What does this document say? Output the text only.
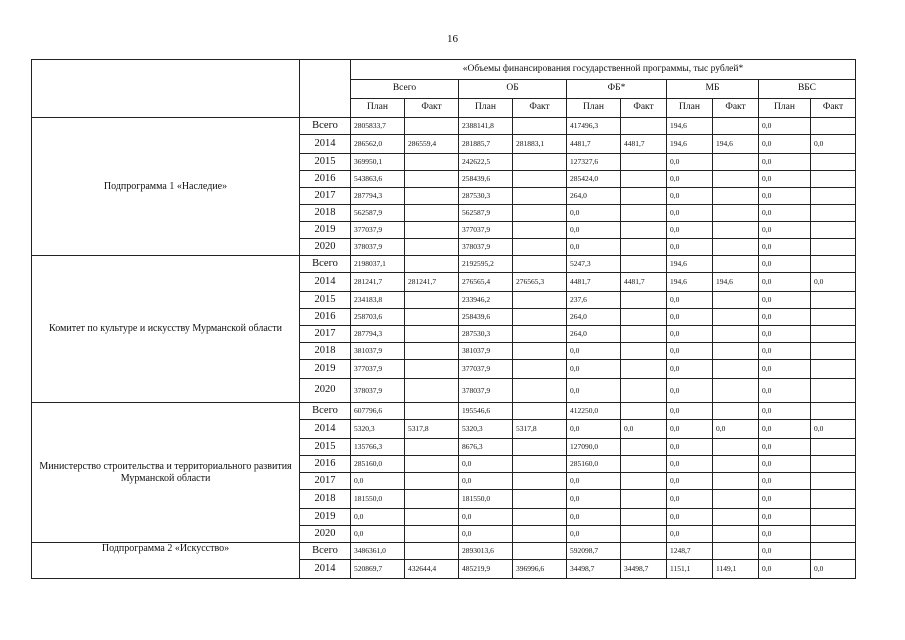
16
		«Объемы финансирования государственной программы, тыс рублей*									
		Всего		ОБ		ФБ*		МБ		ВБС	
		План	Факт	План	Факт	План	Факт	План	Факт	План	Факт
Подпрограмма 1 «Наследие»	Всего	2805833,7		2388141,8		417496,3		194,6		0,0	
	2014	286562,0	286559,4	281885,7	281883,1	4481,7	4481,7	194,6	194,6	0,0	0,0
	2015	369950,1		242622,5		127327,6		0,0		0,0	
	2016	543863,6		258439,6		285424,0		0,0		0,0	
	2017	287794,3		287530,3		264,0		0,0		0,0	
	2018	562587,9		562587,9		0,0		0,0		0,0	
	2019	377037,9		377037,9		0,0		0,0		0,0	
	2020	378037,9		378037,9		0,0		0,0		0,0	
Комитет по культуре и искусству Мурманской области	Всего	2198037,1		2192595,2		5247,3		194,6		0,0	
	2014	281241,7	281241,7	276565,4	276565,3	4481,7	4481,7	194,6	194,6	0,0	0,0
	2015	234183,8		233946,2		237,6		0,0		0,0	
	2016	258703,6		258439,6		264,0		0,0		0,0	
	2017	287794,3		287530,3		264,0		0,0		0,0	
	2018	381037,9		381037,9		0,0		0,0		0,0	
	2019	377037,9		377037,9		0,0		0,0		0,0	
	2020	378037,9		378037,9		0,0		0,0		0,0	
Министерство строительства и территориального развития Мурманской области	Всего	607796,6		195546,6		412250,0		0,0		0,0	
	2014	5320,3	5317,8	5320,3	5317,8	0,0	0,0	0,0	0,0	0,0	0,0
	2015	135766,3		8676,3		127090,0		0,0		0,0	
	2016	285160,0		0,0		285160,0		0,0		0,0	
	2017	0,0		0,0		0,0		0,0		0,0	
	2018	181550,0		181550,0		0,0		0,0		0,0	
	2019	0,0		0,0		0,0		0,0		0,0	
	2020	0,0		0,0		0,0		0,0		0,0	
Подпрограмма 2 «Искусство»	Всего	3486361,0		2893013,6		592098,7		1248,7		0,0	
	2014	520869,7	432644,4	485219,9	396996,6	34498,7	34498,7	1151,1	1149,1	0,0	0,0
